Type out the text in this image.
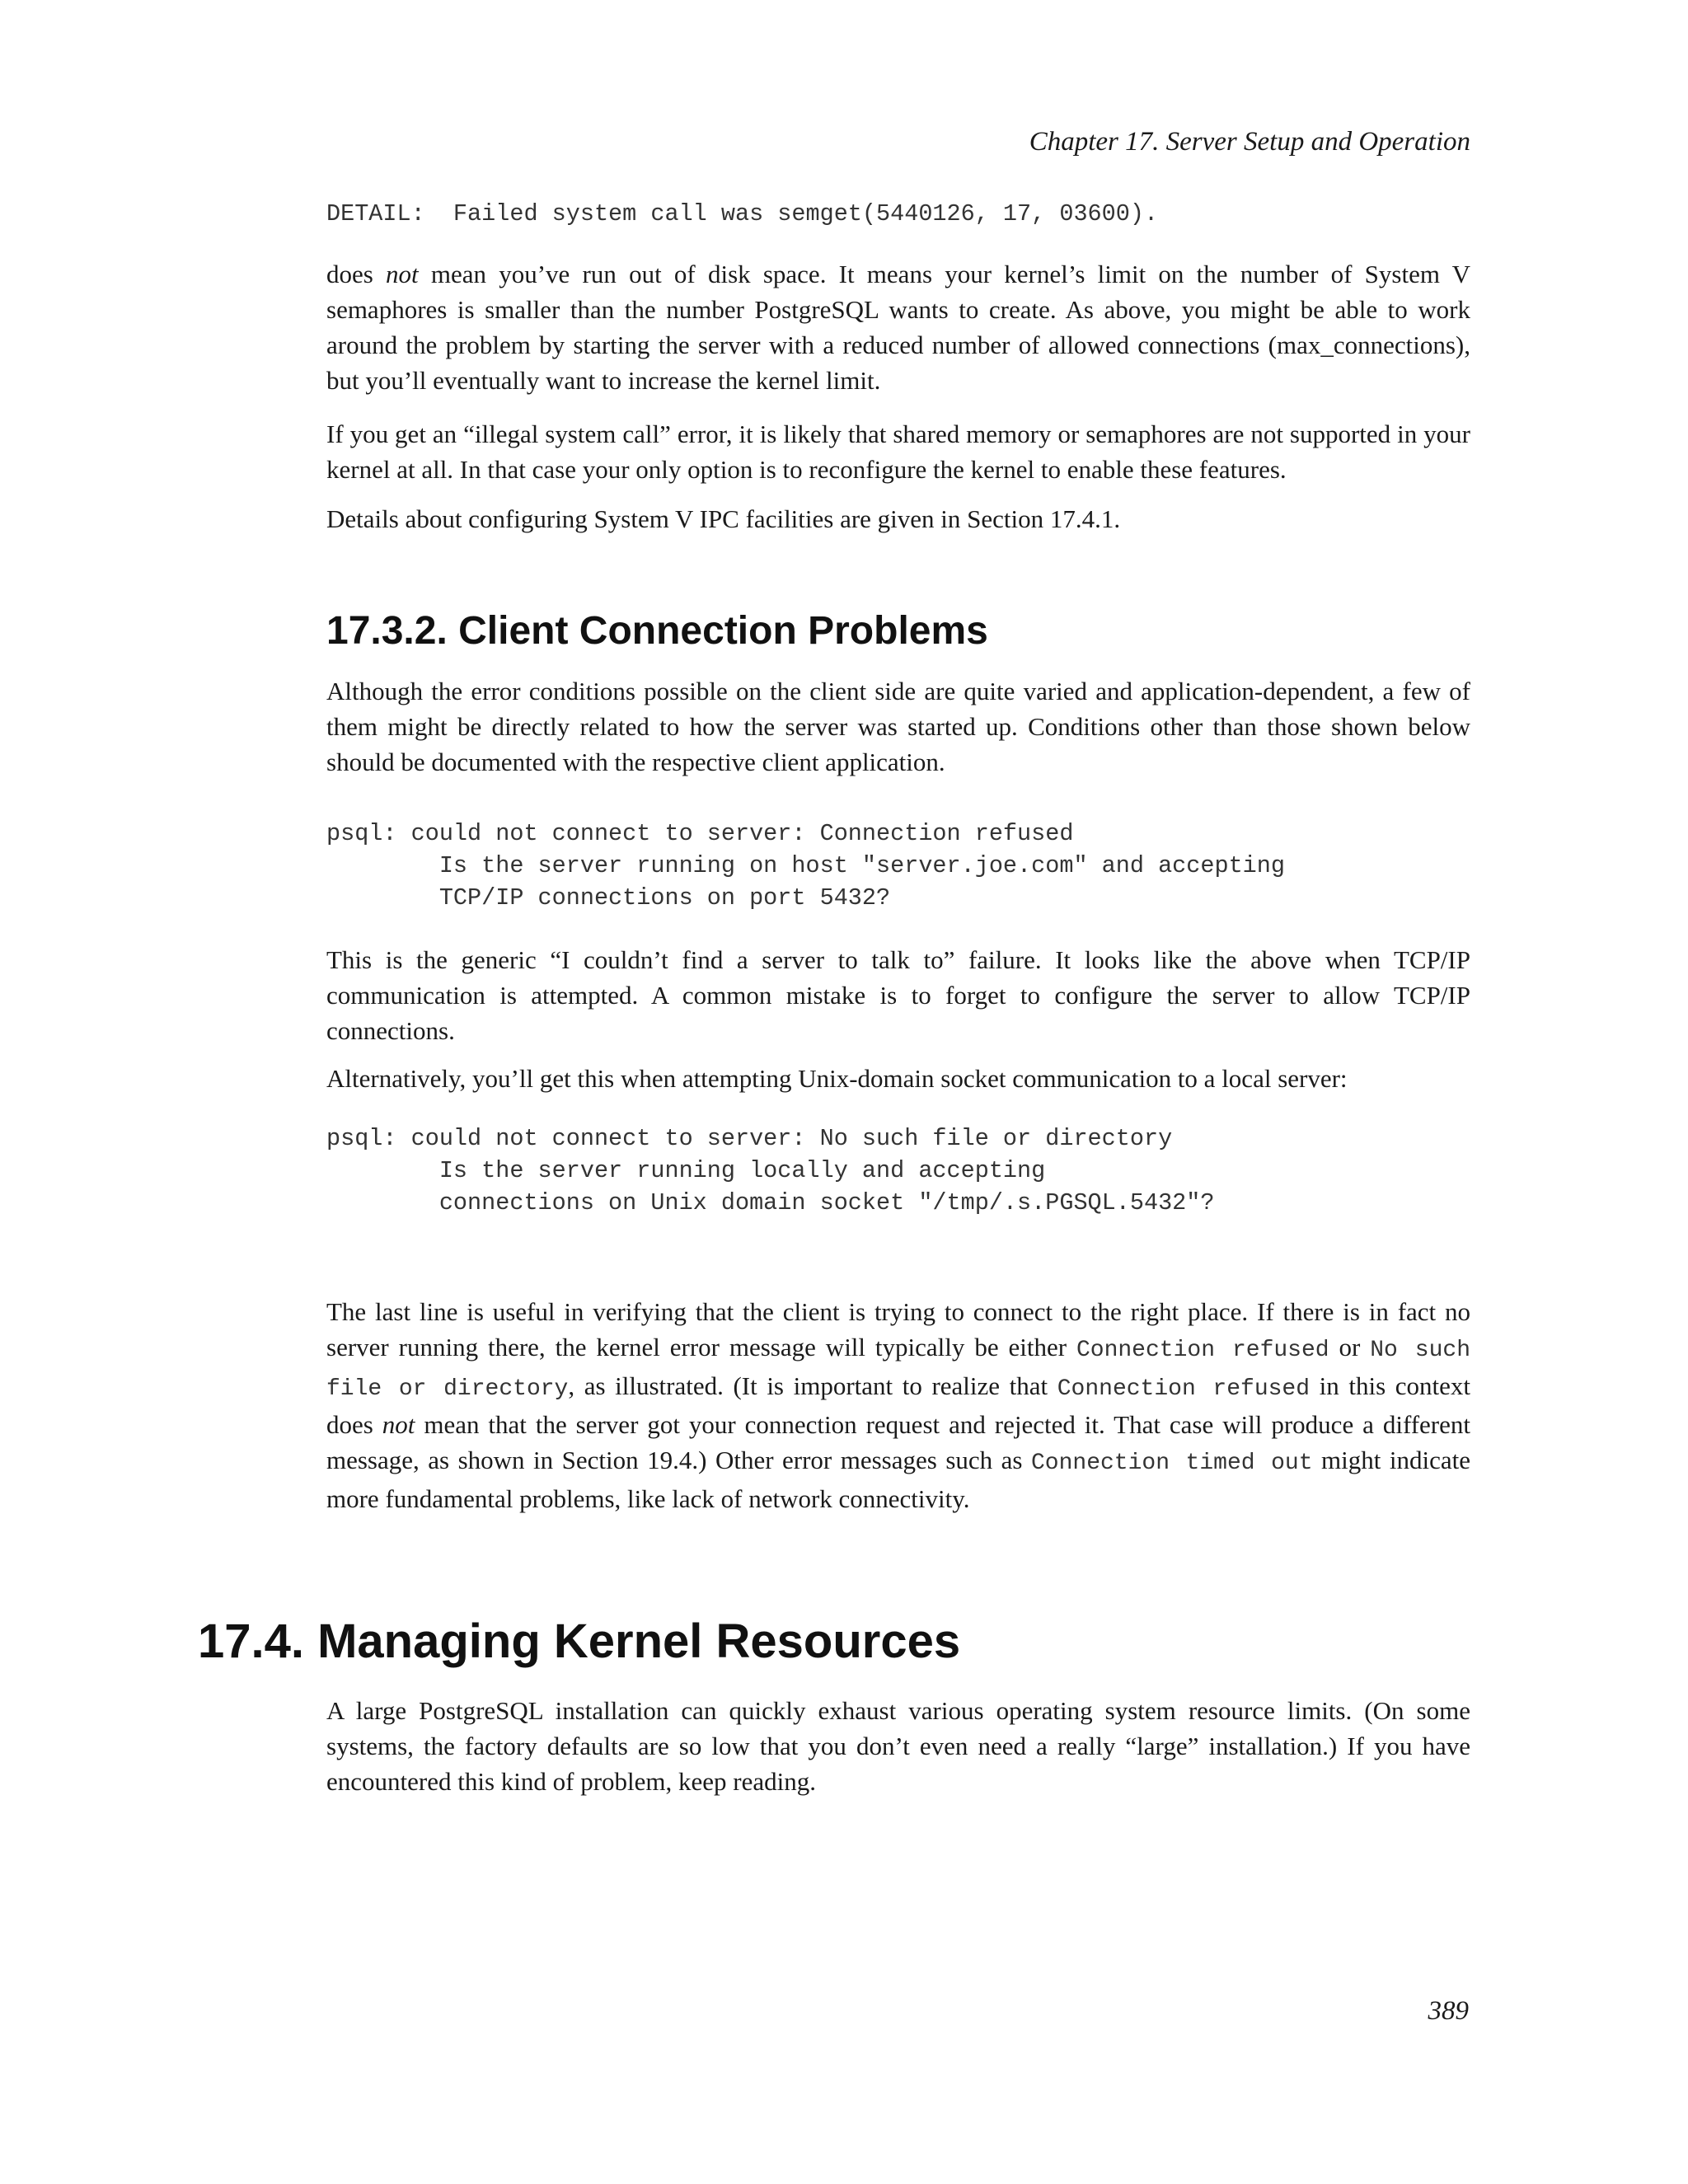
Chapter 17. Server Setup and Operation
DETAIL:  Failed system call was semget(5440126, 17, 03600).

does not mean you’ve run out of disk space. It means your kernel’s limit on the number of System V semaphores is smaller than the number PostgreSQL wants to create. As above, you might be able to work around the problem by starting the server with a reduced number of allowed connections (max_connections), but you’ll eventually want to increase the kernel limit.

If you get an “illegal system call” error, it is likely that shared memory or semaphores are not supported in your kernel at all. In that case your only option is to reconfigure the kernel to enable these features.

Details about configuring System V IPC facilities are given in Section 17.4.1.

17.3.2. Client Connection Problems

Although the error conditions possible on the client side are quite varied and application-dependent, a few of them might be directly related to how the server was started up. Conditions other than those shown below should be documented with the respective client application.

psql: could not connect to server: Connection refused
Is the server running on host "server.joe.com" and accepting
TCP/IP connections on port 5432?

This is the generic “I couldn’t find a server to talk to” failure. It looks like the above when TCP/IP communication is attempted. A common mistake is to forget to configure the server to allow TCP/IP connections.

Alternatively, you’ll get this when attempting Unix-domain socket communication to a local server:

psql: could not connect to server: No such file or directory
Is the server running locally and accepting
connections on Unix domain socket "/tmp/.s.PGSQL.5432"?

The last line is useful in verifying that the client is trying to connect to the right place. If there is in fact no server running there, the kernel error message will typically be either Connection refused or No such file or directory, as illustrated. (It is important to realize that Connection refused in this context does not mean that the server got your connection request and rejected it. That case will produce a different message, as shown in Section 19.4.) Other error messages such as Connection timed out might indicate more fundamental problems, like lack of network connectivity.

17.4. Managing Kernel Resources

A large PostgreSQL installation can quickly exhaust various operating system resource limits. (On some systems, the factory defaults are so low that you don’t even need a really “large” installation.) If you have encountered this kind of problem, keep reading.

389
